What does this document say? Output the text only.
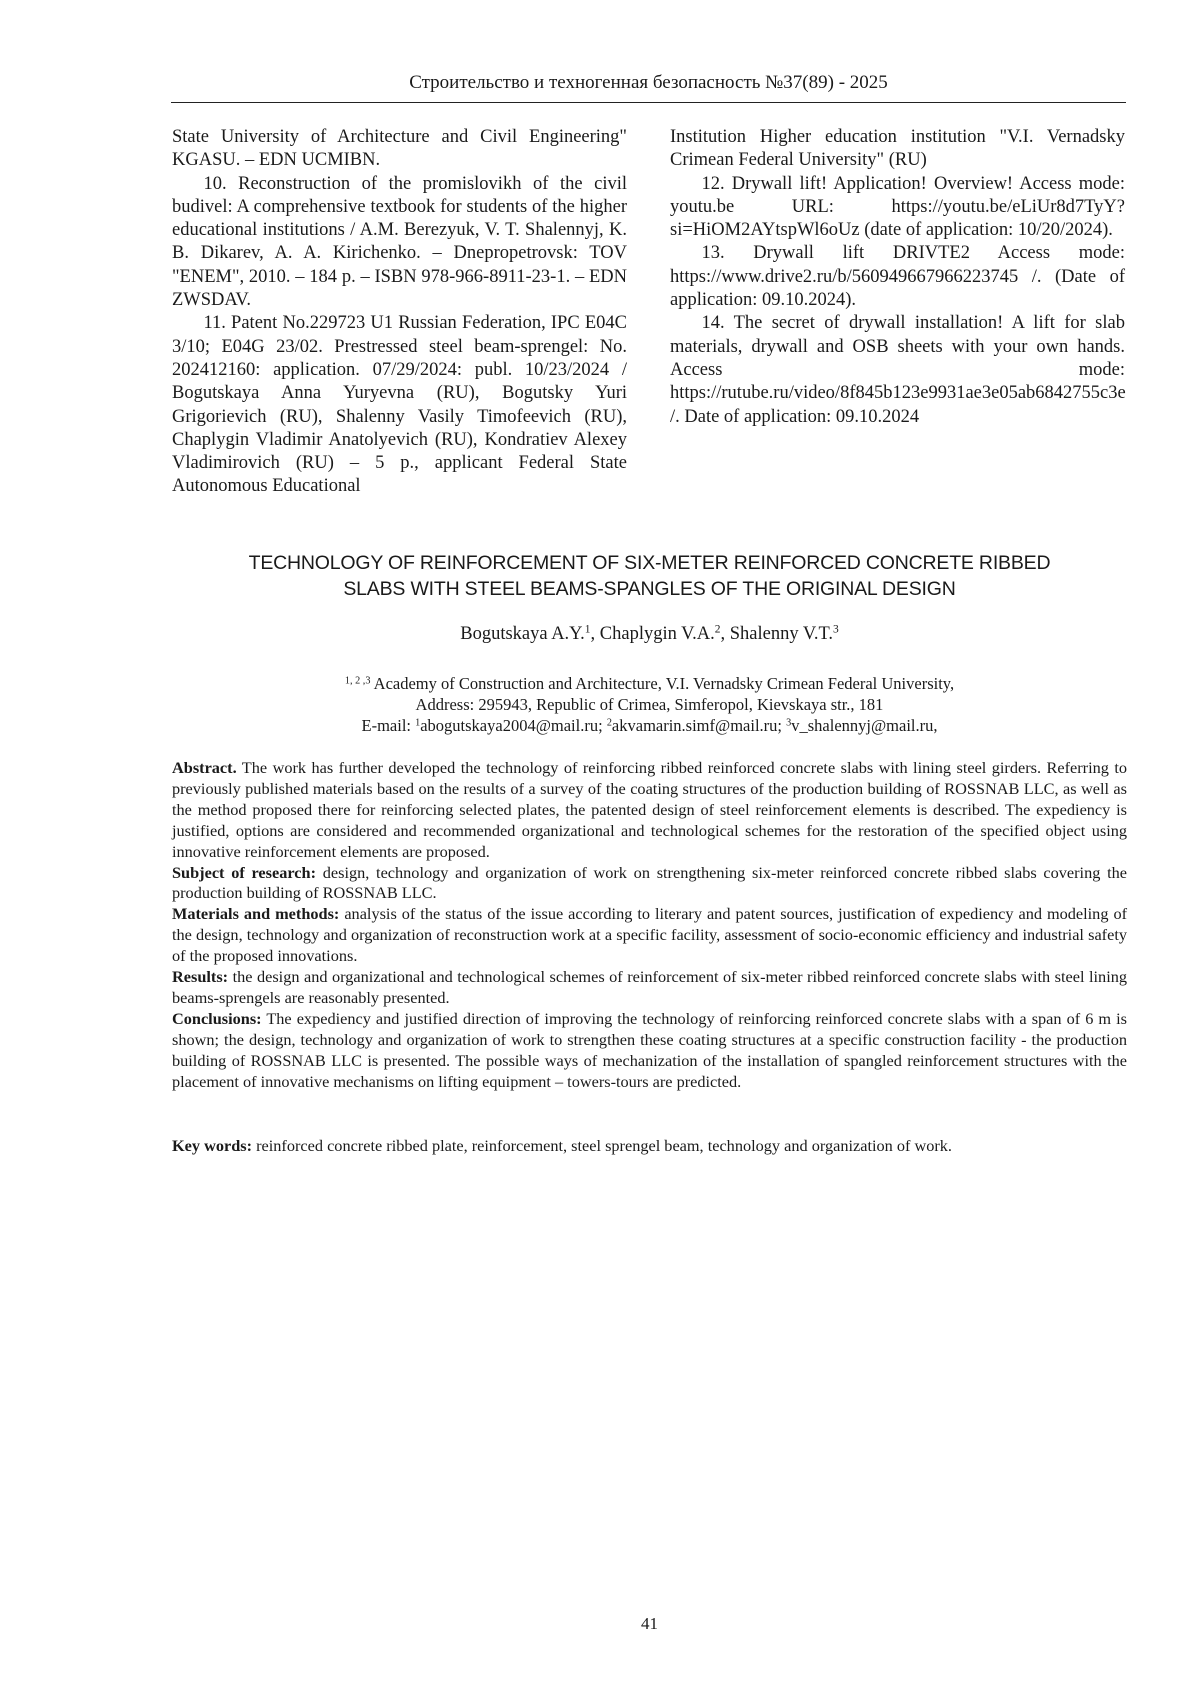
Строительство и техногенная безопасность №37(89) - 2025

State University of Architecture and Civil Engineering" KGASU. – EDN UCMIBN.

10. Reconstruction of the promislovikh of the civil budivel: A comprehensive textbook for students of the higher educational institutions / A.M. Berezyuk, V. T. Shalennyj, K. B. Dikarev, A. A. Kirichenko. – Dnepropetrovsk: TOV "ENEM", 2010. – 184 p. – ISBN 978-966-8911-23-1. – EDN ZWSDAV.

11. Patent No.229723 U1 Russian Federation, IPC E04C 3/10; E04G 23/02. Prestressed steel beam-sprengel: No. 202412160: application. 07/29/2024: publ. 10/23/2024 / Bogutskaya Anna Yuryevna (RU), Bogutsky Yuri Grigorievich (RU), Shalenny Vasily Timofeevich (RU), Chaplygin Vladimir Anatolyevich (RU), Kondratiev Alexey Vladimirovich (RU) – 5 p., applicant Federal State Autonomous Educational

Institution Higher education institution "V.I. Vernadsky Crimean Federal University" (RU)

12. Drywall lift! Application! Overview! Access mode: youtu.be URL: https://youtu.be/eLiUr8d7TyY?si=HiOM2AYtspWl6oUz (date of application: 10/20/2024).

13. Drywall lift DRIVTE2 Access mode: https://www.drive2.ru/b/560949667966223745 /. (Date of application: 09.10.2024).

14. The secret of drywall installation! A lift for slab materials, drywall and OSB sheets with your own hands. Access mode: https://rutube.ru/video/8f845b123e9931ae3e05ab6842755c3e /. Date of application: 09.10.2024

TECHNOLOGY OF REINFORCEMENT OF SIX-METER REINFORCED CONCRETE RIBBED
SLABS WITH STEEL BEAMS-SPANGLES OF THE ORIGINAL DESIGN
Bogutskaya A.Y.$^1$, Chaplygin V.A.$^2$, Shalenny V.T.$^3$
$^{1, 2 ,3}$ Academy of Construction and Architecture, V.I. Vernadsky Crimean Federal University,
Address: 295943, Republic of Crimea, Simferopol, Kievskaya str., 181
E-mail: $^1$abogutskaya2004@mail.ru; $^2$akvamarin.simf@mail.ru; $^3$v_shalennyj@mail.ru,

Abstract. The work has further developed the technology of reinforcing ribbed reinforced concrete slabs with lining steel girders. Referring to previously published materials based on the results of a survey of the coating structures of the production building of ROSSNAB LLC, as well as the method proposed there for reinforcing selected plates, the patented design of steel reinforcement elements is described. The expediency is justified, options are considered and recommended organizational and technological schemes for the restoration of the specified object using innovative reinforcement elements are proposed.

Subject of research: design, technology and organization of work on strengthening six-meter reinforced concrete ribbed slabs covering the production building of ROSSNAB LLC.

Materials and methods: analysis of the status of the issue according to literary and patent sources, justification of expediency and modeling of the design, technology and organization of reconstruction work at a specific facility, assessment of socio-economic efficiency and industrial safety of the proposed innovations.

Results: the design and organizational and technological schemes of reinforcement of six-meter ribbed reinforced concrete slabs with steel lining beams-sprengels are reasonably presented.

Conclusions: The expediency and justified direction of improving the technology of reinforcing reinforced concrete slabs with a span of 6 m is shown; the design, technology and organization of work to strengthen these coating structures at a specific construction facility - the production building of ROSSNAB LLC is presented. The possible ways of mechanization of the installation of spangled reinforcement structures with the placement of innovative mechanisms on lifting equipment – towers-tours are predicted.

Key words: reinforced concrete ribbed plate, reinforcement, steel sprengel beam, technology and organization of work.
41
